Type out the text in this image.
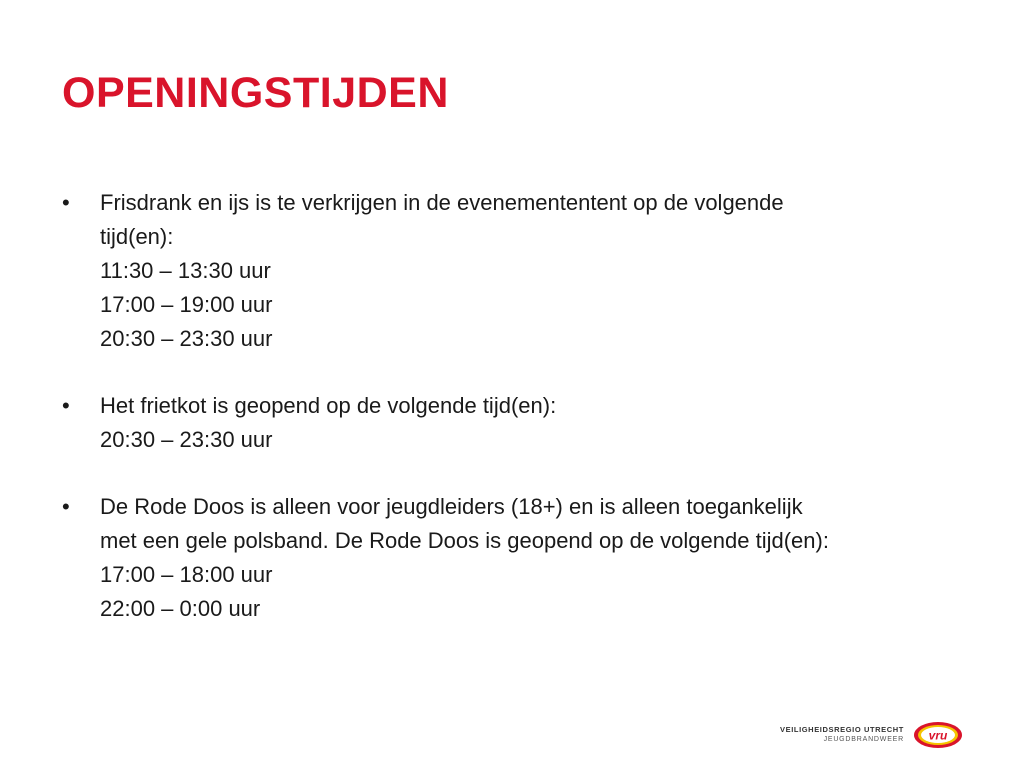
OPENINGSTIJDEN
•	Frisdrank en ijs is te verkrijgen in de evenemententent op de volgende
tijd(en):
11:30 – 13:30 uur
17:00 – 19:00 uur
20:30 – 23:30 uur
•	Het frietkot is geopend op de volgende tijd(en):
20:30 – 23:30 uur
•	De Rode Doos is alleen voor jeugdleiders (18+) en is alleen toegankelijk
met een gele polsband. De Rode Doos is geopend op de volgende tijd(en):
17:00 – 18:00 uur
22:00 – 0:00 uur
VEILIGHEIDSREGIO UTRECHT
JEUGDBRANDWEER vru
